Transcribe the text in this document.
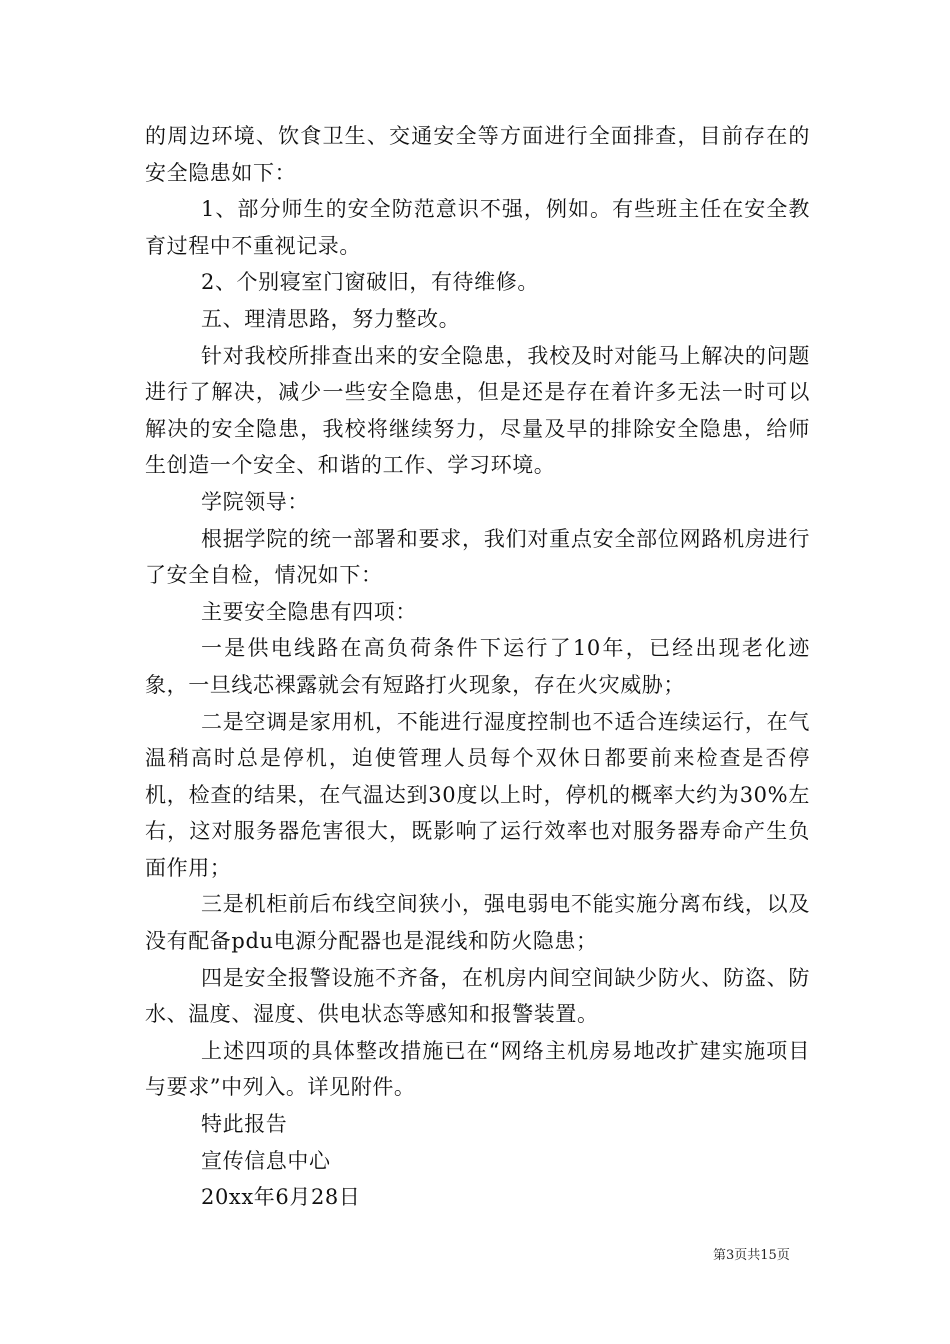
的周边环境、饮食卫生、交通安全等方面进行全面排查，目前存在的安全隐患如下：

1、部分师生的安全防范意识不强，例如。有些班主任在安全教育过程中不重视记录。

2、个别寝室门窗破旧，有待维修。

五、理清思路，努力整改。

针对我校所排查出来的安全隐患，我校及时对能马上解决的问题进行了解决，减少一些安全隐患，但是还是存在着许多无法一时可以解决的安全隐患，我校将继续努力，尽量及早的排除安全隐患，给师生创造一个安全、和谐的工作、学习环境。

学院领导：

根据学院的统一部署和要求，我们对重点安全部位网路机房进行了安全自检，情况如下：

主要安全隐患有四项：

一是供电线路在高负荷条件下运行了10年，已经出现老化迹象，一旦线芯裸露就会有短路打火现象，存在火灾威胁；

二是空调是家用机，不能进行湿度控制也不适合连续运行，在气温稍高时总是停机，迫使管理人员每个双休日都要前来检查是否停机，检查的结果，在气温达到30度以上时，停机的概率大约为30%左右，这对服务器危害很大，既影响了运行效率也对服务器寿命产生负面作用；

三是机柜前后布线空间狭小，强电弱电不能实施分离布线，以及没有配备pdu电源分配器也是混线和防火隐患；

四是安全报警设施不齐备，在机房内间空间缺少防火、防盗、防水、温度、湿度、供电状态等感知和报警装置。

上述四项的具体整改措施已在“网络主机房易地改扩建实施项目与要求”中列入。详见附件。

特此报告

宣传信息中心

20xx年6月28日

第3页共15页
